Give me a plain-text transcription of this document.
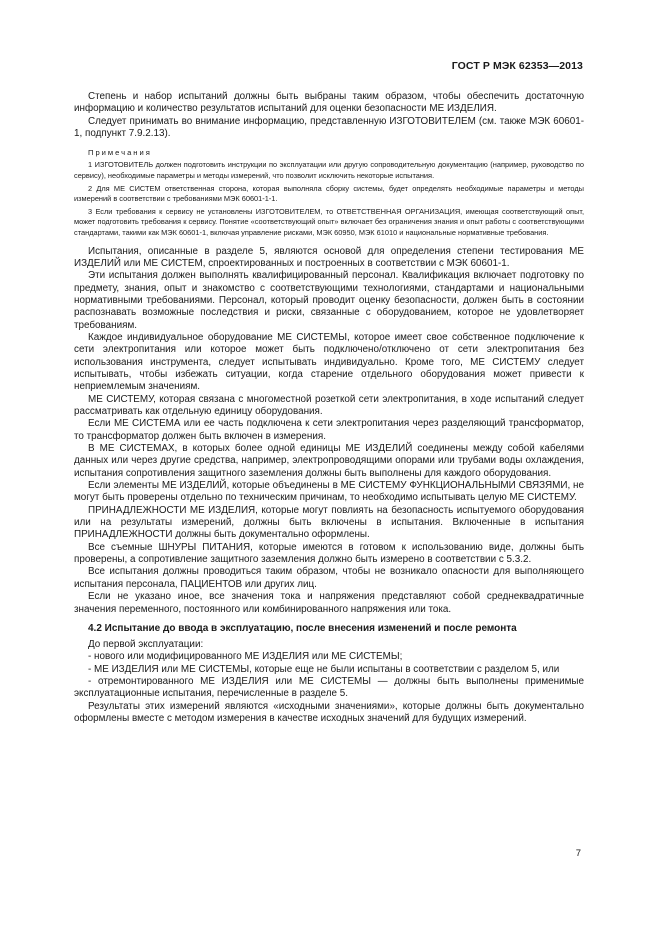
ГОСТ Р МЭК 62353—2013

Степень и набор испытаний должны быть выбраны таким образом, чтобы обеспечить достаточную информацию и количество результатов испытаний для оценки безопасности МЕ ИЗДЕЛИЯ.

Следует принимать во внимание информацию, представленную ИЗГОТОВИТЕЛЕМ (см. также МЭК 60601-1, подпункт 7.9.2.13).

Примечания

1 ИЗГОТОВИТЕЛЬ должен подготовить инструкции по эксплуатации или другую сопроводительную документацию (например, руководство по сервису), необходимые параметры и методы измерений, что позволит исключить некоторые испытания.

2 Для МЕ СИСТЕМ ответственная сторона, которая выполняла сборку системы, будет определять необходимые параметры и методы измерений в соответствии с требованиями МЭК 60601-1-1.

3 Если требования к сервису не установлены ИЗГОТОВИТЕЛЕМ, то ОТВЕТСТВЕННАЯ ОРГАНИЗАЦИЯ, имеющая соответствующий опыт, может подготовить требования к сервису. Понятие «соответствующий опыт» включает без ограничения знания и опыт работы с соответствующими стандартами, такими как МЭК 60601-1, включая управление рисками, МЭК 60950, МЭК 61010 и национальные нормативные требования.

Испытания, описанные в разделе 5, являются основой для определения степени тестирования МЕ ИЗДЕЛИЙ или МЕ СИСТЕМ, спроектированных и построенных в соответствии с МЭК 60601-1.

Эти испытания должен выполнять квалифицированный персонал. Квалификация включает подготовку по предмету, знания, опыт и знакомство с соответствующими технологиями, стандартами и национальными нормативными требованиями. Персонал, который проводит оценку безопасности, должен быть в состоянии распознавать возможные последствия и риски, связанные с оборудованием, которое не удовлетворяет требованиям.

Каждое индивидуальное оборудование МЕ СИСТЕМЫ, которое имеет свое собственное подключение к сети электропитания или которое может быть подключено/отключено от сети электропитания без использования инструмента, следует испытывать индивидуально. Кроме того, МЕ СИСТЕМУ следует испытывать, чтобы избежать ситуации, когда старение отдельного оборудования может привести к неприемлемым значениям.

МЕ СИСТЕМУ, которая связана с многоместной розеткой сети электропитания, в ходе испытаний следует рассматривать как отдельную единицу оборудования.

Если МЕ СИСТЕМА или ее часть подключена к сети электропитания через разделяющий трансформатор, то трансформатор должен быть включен в измерения.

В МЕ СИСТЕМАХ, в которых более одной единицы МЕ ИЗДЕЛИЙ соединены между собой кабелями данных или через другие средства, например, электропроводящими опорами или трубами воды охлаждения, испытания сопротивления защитного заземления должны быть выполнены для каждого оборудования.

Если элементы МЕ ИЗДЕЛИЙ, которые объединены в МЕ СИСТЕМУ ФУНКЦИОНАЛЬНЫМИ СВЯЗЯМИ, не могут быть проверены отдельно по техническим причинам, то необходимо испытывать целую МЕ СИСТЕМУ.

ПРИНАДЛЕЖНОСТИ МЕ ИЗДЕЛИЯ, которые могут повлиять на безопасность испытуемого оборудования или на результаты измерений, должны быть включены в испытания. Включенные в испытания ПРИНАДЛЕЖНОСТИ должны быть документально оформлены.

Все съемные ШНУРЫ ПИТАНИЯ, которые имеются в готовом к использованию виде, должны быть проверены, а сопротивление защитного заземления должно быть измерено в соответствии с 5.3.2.

Все испытания должны проводиться таким образом, чтобы не возникало опасности для выполняющего испытания персонала, ПАЦИЕНТОВ или других лиц.

Если не указано иное, все значения тока и напряжения представляют собой среднеквадратичные значения переменного, постоянного или комбинированного напряжения или тока.

4.2 Испытание до ввода в эксплуатацию, после внесения изменений и после ремонта

До первой эксплуатации:

- нового или модифицированного МЕ ИЗДЕЛИЯ или МЕ СИСТЕМЫ;

- МЕ ИЗДЕЛИЯ или МЕ СИСТЕМЫ, которые еще не были испытаны в соответствии с разделом 5, или

- отремонтированного МЕ ИЗДЕЛИЯ или МЕ СИСТЕМЫ — должны быть выполнены применимые эксплуатационные испытания, перечисленные в разделе 5.

Результаты этих измерений являются «исходными значениями», которые должны быть документально оформлены вместе с методом измерения в качестве исходных значений для будущих измерений.

7
